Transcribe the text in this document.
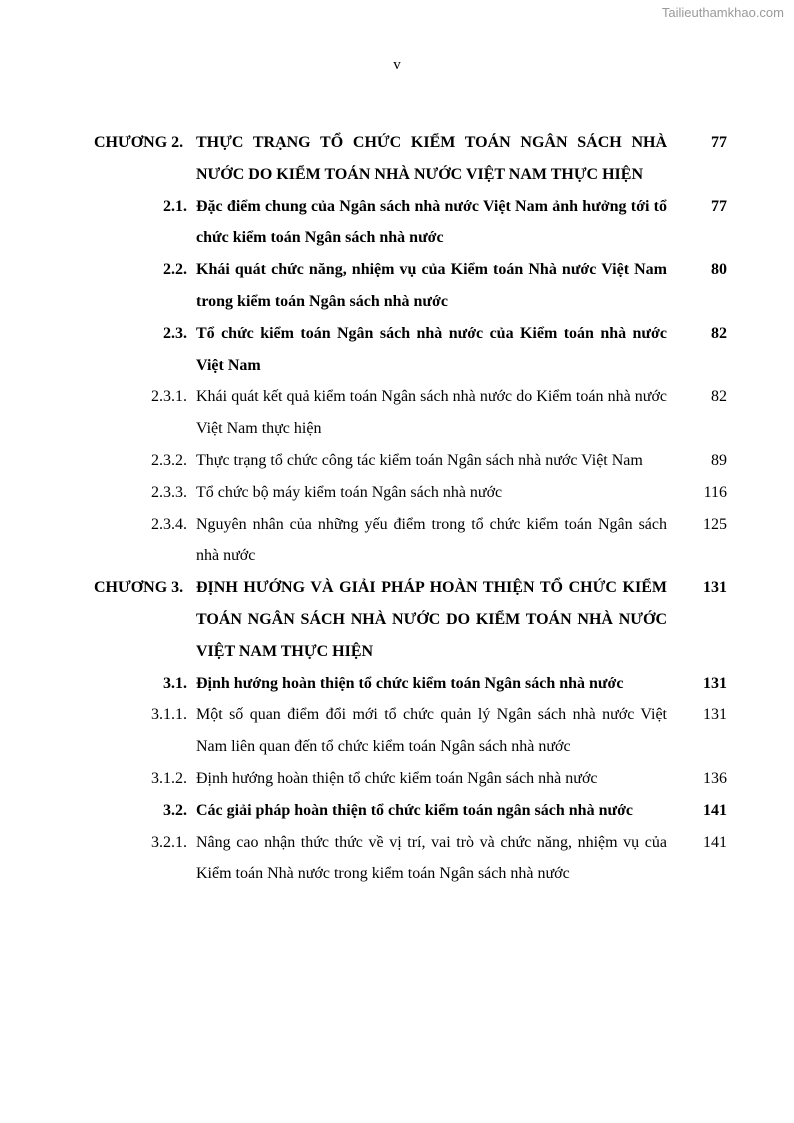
Tailieuthamkhao.com
v
CHƯƠNG 2. THỰC TRẠNG TỔ CHỨC KIỂM TOÁN NGÂN SÁCH NHÀ NƯỚC DO KIỂM TOÁN NHÀ NƯỚC VIỆT NAM THỰC HIỆN
77
2.1. Đặc điểm chung của Ngân sách nhà nước Việt Nam ảnh hưởng tới tổ chức kiểm toán Ngân sách nhà nước
77
2.2. Khái quát chức năng, nhiệm vụ của Kiểm toán Nhà nước Việt Nam trong kiểm toán Ngân sách nhà nước
80
2.3. Tổ chức kiểm toán Ngân sách nhà nước của Kiểm toán nhà nước Việt Nam
82
2.3.1. Khái quát kết quả kiểm toán Ngân sách nhà nước do Kiểm toán nhà nước Việt Nam thực hiện
82
2.3.2. Thực trạng tổ chức công tác kiểm toán Ngân sách nhà nước Việt Nam	89
2.3.3. Tổ chức bộ máy kiểm toán Ngân sách nhà nước	116
2.3.4. Nguyên nhân của những yếu điểm trong tổ chức kiểm toán Ngân sách nhà nước
125
CHƯƠNG 3. ĐỊNH HƯỚNG VÀ GIẢI PHÁP HOÀN THIỆN TỔ CHỨC KIỂM TOÁN NGÂN SÁCH NHÀ NƯỚC DO KIỂM TOÁN NHÀ NƯỚC VIỆT NAM THỰC HIỆN
131
3.1. Định hướng hoàn thiện tổ chức kiểm toán Ngân sách nhà nước	131
3.1.1. Một số quan điểm đổi mới tổ chức quản lý Ngân sách nhà nước Việt Nam liên quan đến tổ chức kiểm toán Ngân sách nhà nước
131
3.1.2. Định hướng hoàn thiện tổ chức kiểm toán Ngân sách nhà nước	136
3.2. Các giải pháp hoàn thiện tổ chức kiểm toán ngân sách nhà nước	141
3.2.1. Nâng cao nhận thức thức về vị trí, vai trò và chức năng, nhiệm vụ của Kiểm toán Nhà nước trong kiểm toán Ngân sách nhà nước
141
